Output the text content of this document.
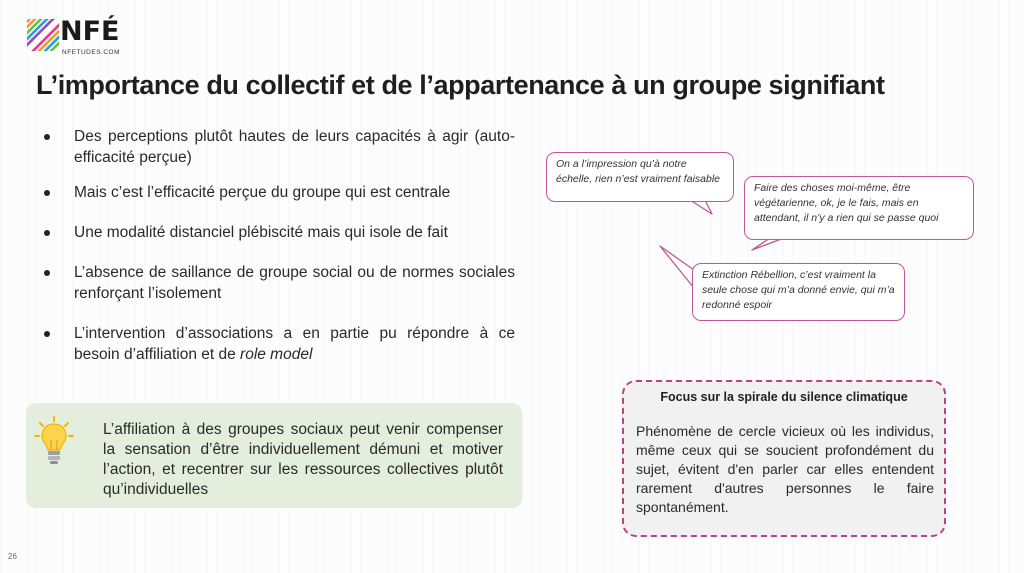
NFÉ
NFETUDES.COM
L’importance du collectif et de l’appartenance à un groupe signifiant
Des perceptions plutôt hautes de leurs capacités à agir (auto-efficacité perçue)
Mais c’est l’efficacité perçue du groupe qui est centrale
Une modalité distanciel plébiscité mais qui isole de fait
L’absence de saillance de groupe social ou de normes sociales renforçant l’isolement
L’intervention d’associations a en partie pu répondre à ce besoin d’affiliation et de role model
L’affiliation à des groupes sociaux peut venir compenser la sensation d’être individuellement démuni et motiver l’action, et recentrer sur les ressources collectives plutôt qu’individuelles
On a l’impression qu’à notre échelle, rien n’est vraiment faisable
Faire des choses moi-même, être végétarienne, ok, je le fais, mais en attendant, il n’y a rien qui se passe quoi
Extinction Rébellion, c’est vraiment la seule chose qui m’a donné envie, qui m’a redonné espoir
Focus sur la spirale du silence climatique
Phénomène de cercle vicieux où les individus, même ceux qui se soucient profondément du sujet, évitent d'en parler car elles entendent rarement d'autres personnes le faire spontanément.
26
